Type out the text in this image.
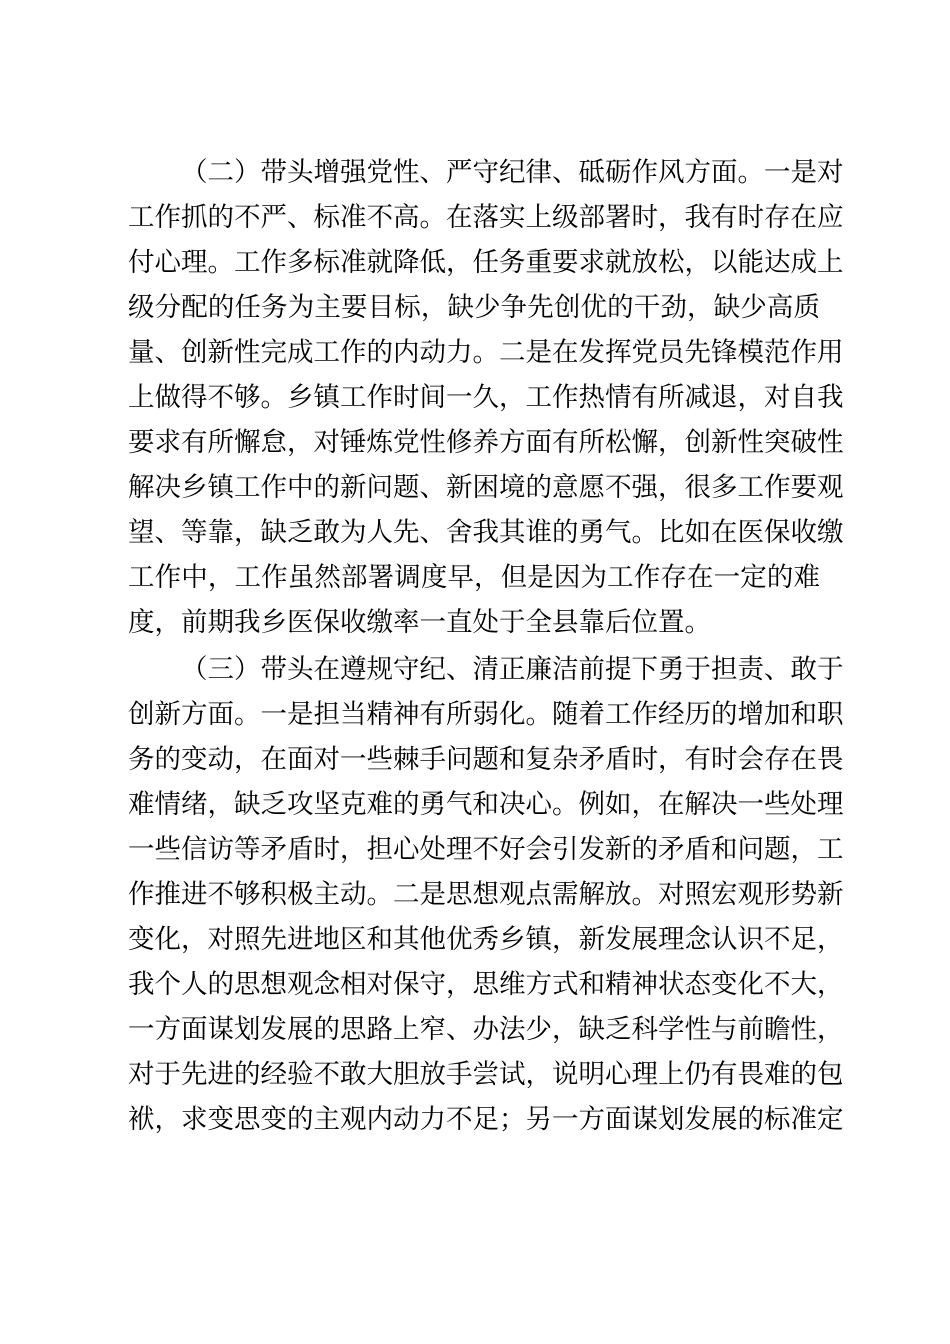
（二）带头增强党性、严守纪律、砥砺作风方面。一是对
工作抓的不严、标准不高。在落实上级部署时，我有时存在应
付心理。工作多标准就降低，任务重要求就放松，以能达成上
级分配的任务为主要目标，缺少争先创优的干劲，缺少高质
量、创新性完成工作的内动力。二是在发挥党员先锋模范作用
上做得不够。乡镇工作时间一久，工作热情有所减退，对自我
要求有所懈怠，对锤炼党性修养方面有所松懈，创新性突破性
解决乡镇工作中的新问题、新困境的意愿不强，很多工作要观
望、等靠，缺乏敢为人先、舍我其谁的勇气。比如在医保收缴
工作中，工作虽然部署调度早，但是因为工作存在一定的难
度，前期我乡医保收缴率一直处于全县靠后位置。
（三）带头在遵规守纪、清正廉洁前提下勇于担责、敢于
创新方面。一是担当精神有所弱化。随着工作经历的增加和职
务的变动，在面对一些棘手问题和复杂矛盾时，有时会存在畏
难情绪，缺乏攻坚克难的勇气和决心。例如，在解决一些处理
一些信访等矛盾时，担心处理不好会引发新的矛盾和问题，工
作推进不够积极主动。二是思想观点需解放。对照宏观形势新
变化，对照先进地区和其他优秀乡镇，新发展理念认识不足，
我个人的思想观念相对保守，思维方式和精神状态变化不大，
一方面谋划发展的思路上窄、办法少，缺乏科学性与前瞻性，
对于先进的经验不敢大胆放手尝试，说明心理上仍有畏难的包
袱，求变思变的主观内动力不足；另一方面谋划发展的标准定
